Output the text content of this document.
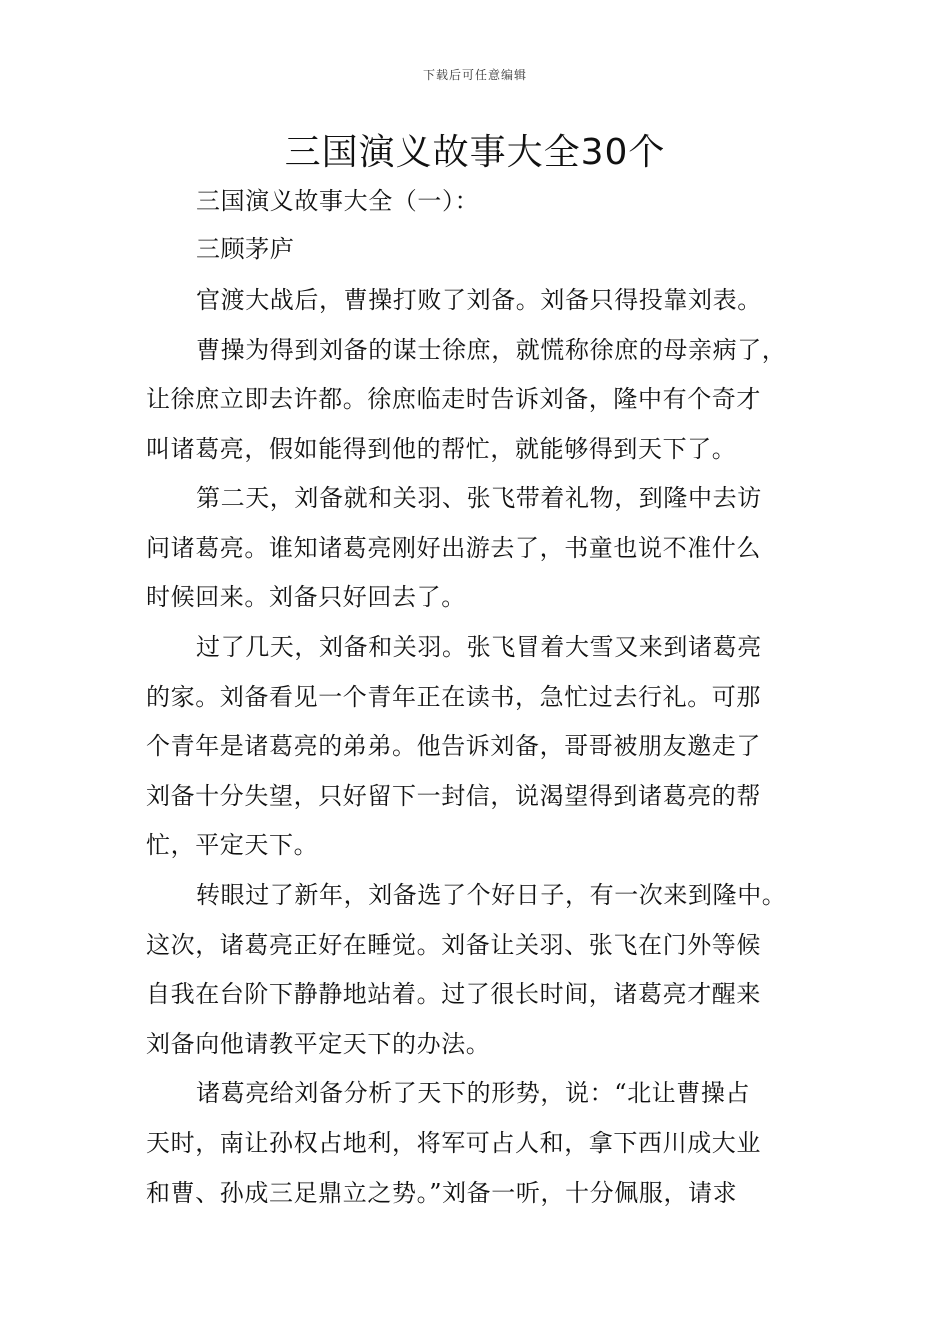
下载后可任意编辑
三国演义故事大全30个
三国演义故事大全（一）：
三顾茅庐
官渡大战后，曹操打败了刘备。刘备只得投靠刘表。
曹操为得到刘备的谋士徐庶，就慌称徐庶的母亲病了，
让徐庶立即去许都。徐庶临走时告诉刘备，隆中有个奇才
叫诸葛亮，假如能得到他的帮忙，就能够得到天下了。
第二天，刘备就和关羽、张飞带着礼物，到隆中去访
问诸葛亮。谁知诸葛亮刚好出游去了，书童也说不准什么
时候回来。刘备只好回去了。
过了几天，刘备和关羽。张飞冒着大雪又来到诸葛亮
的家。刘备看见一个青年正在读书，急忙过去行礼。可那
个青年是诸葛亮的弟弟。他告诉刘备，哥哥被朋友邀走了
刘备十分失望，只好留下一封信，说渴望得到诸葛亮的帮
忙，平定天下。
转眼过了新年，刘备选了个好日子，有一次来到隆中。
这次，诸葛亮正好在睡觉。刘备让关羽、张飞在门外等候
自我在台阶下静静地站着。过了很长时间，诸葛亮才醒来
刘备向他请教平定天下的办法。
诸葛亮给刘备分析了天下的形势，说：“北让曹操占
天时，南让孙权占地利，将军可占人和，拿下西川成大业
和曹、孙成三足鼎立之势。”刘备一听，十分佩服，请求
